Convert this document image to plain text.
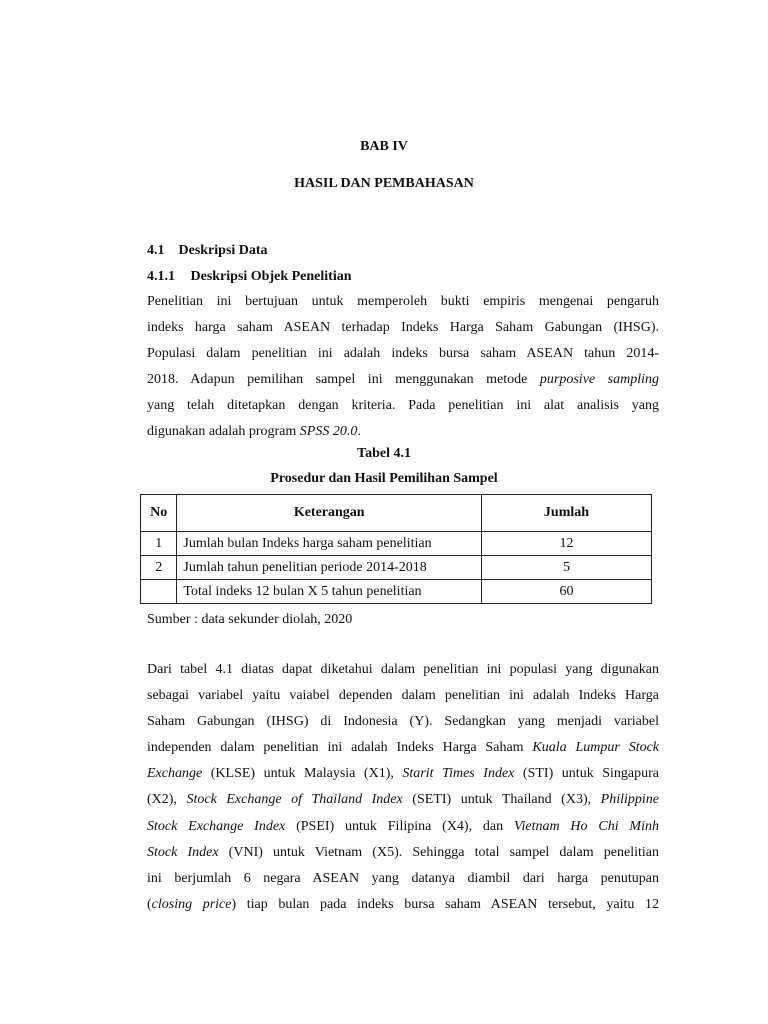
BAB IV
HASIL DAN PEMBAHASAN
4.1 Deskripsi Data
4.1.1 Deskripsi Objek Penelitian
Penelitian ini bertujuan untuk memperoleh bukti empiris mengenai pengaruh
indeks harga saham ASEAN terhadap Indeks Harga Saham Gabungan (IHSG).
Populasi dalam penelitian ini adalah indeks bursa saham ASEAN tahun 2014-
2018. Adapun pemilihan sampel ini menggunakan metode purposive sampling
yang telah ditetapkan dengan kriteria. Pada penelitian ini alat analisis yang
digunakan adalah program SPSS 20.0.
Tabel 4.1
Prosedur dan Hasil Pemilihan Sampel
No	Keterangan	Jumlah
1	Jumlah bulan Indeks harga saham penelitian	12
2	Jumlah tahun penelitian periode 2014-2018	5
	Total indeks 12 bulan X 5 tahun penelitian	60
Sumber : data sekunder diolah, 2020
Dari tabel 4.1 diatas dapat diketahui dalam penelitian ini populasi yang digunakan
sebagai variabel yaitu vaiabel dependen dalam penelitian ini adalah Indeks Harga
Saham Gabungan (IHSG) di Indonesia (Y). Sedangkan yang menjadi variabel
independen dalam penelitian ini adalah Indeks Harga Saham Kuala Lumpur Stock
Exchange (KLSE) untuk Malaysia (X1), Starit Times Index (STI) untuk Singapura
(X2), Stock Exchange of Thailand Index (SETI) untuk Thailand (X3), Philippine
Stock Exchange Index (PSEI) untuk Filipina (X4), dan Vietnam Ho Chi Minh
Stock Index (VNI) untuk Vietnam (X5). Sehingga total sampel dalam penelitian
ini berjumlah 6 negara ASEAN yang datanya diambil dari harga penutupan
(closing price) tiap bulan pada indeks bursa saham ASEAN tersebut, yaitu 12
